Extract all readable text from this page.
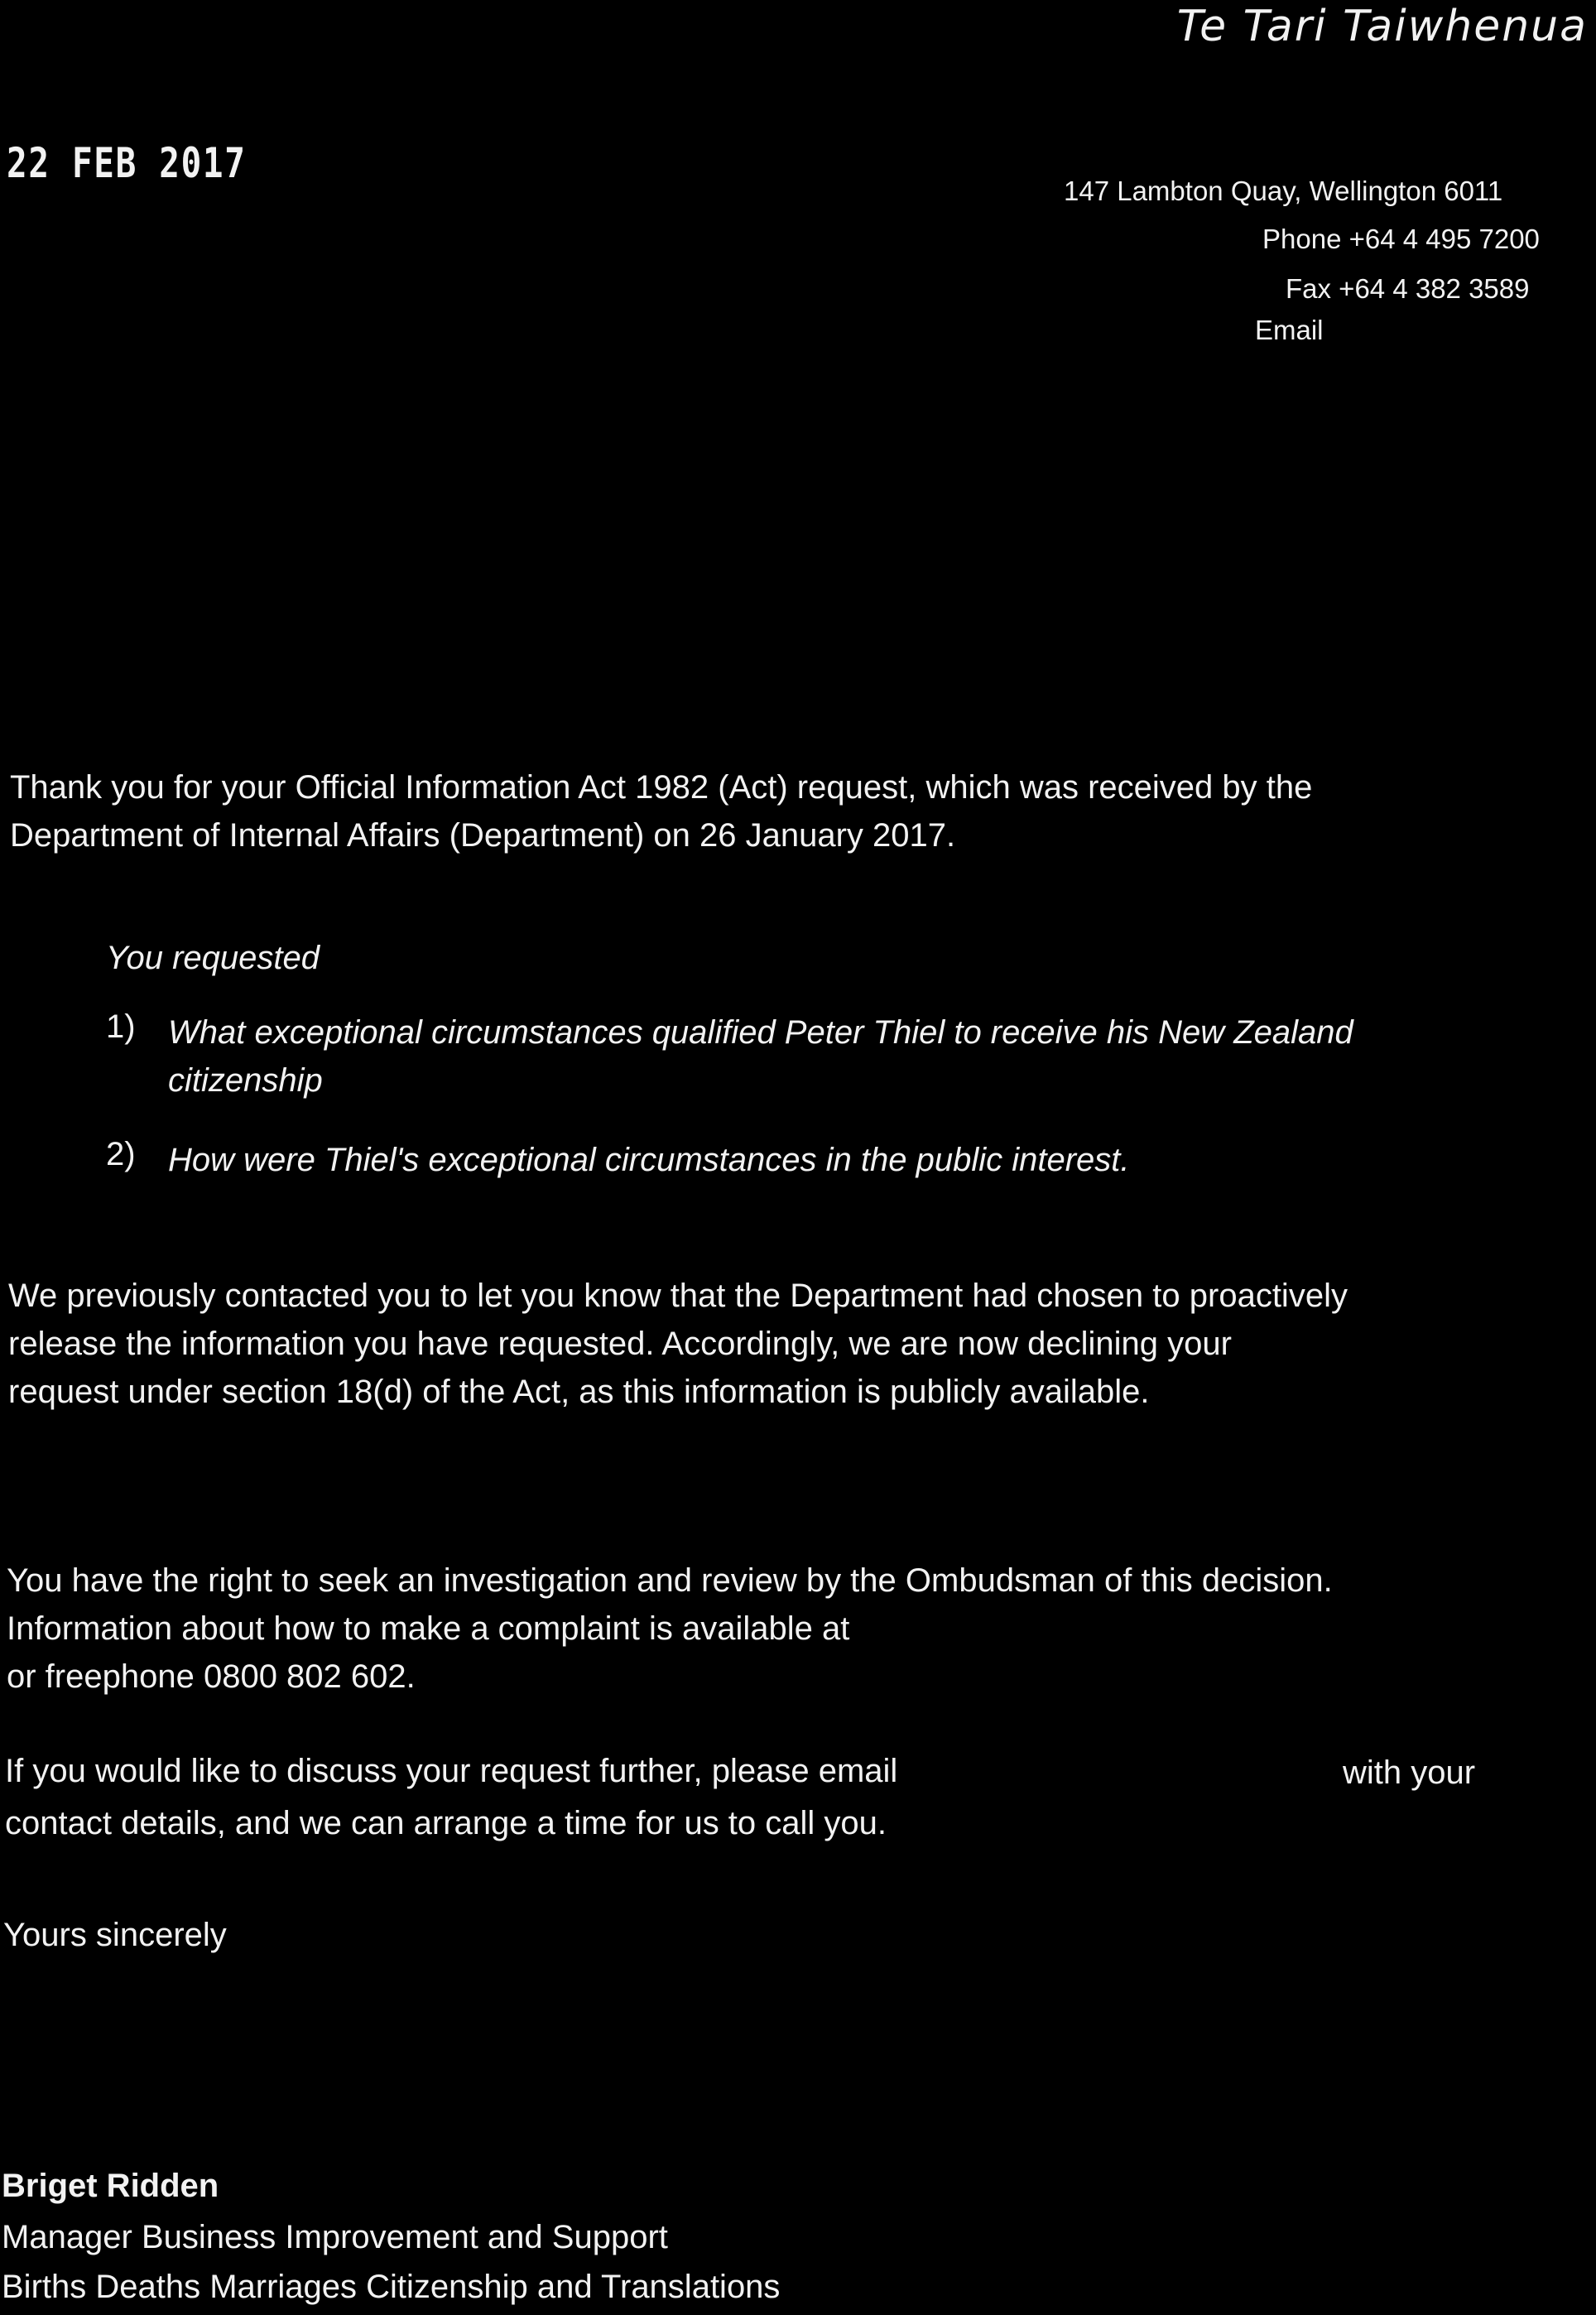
Te Tari Taiwhenua
22 FEB 2017
147 Lambton Quay, Wellington 6011
Phone +64 4 495 7200
Fax +64 4 382 3589
Email
Thank you for your Official Information Act 1982 (Act) request, which was received by the
Department of Internal Affairs (Department) on 26 January 2017.
You requested
1) What exceptional circumstances qualified Peter Thiel to receive his New Zealand
citizenship
2) How were Thiel's exceptional circumstances in the public interest.
We previously contacted you to let you know that the Department had chosen to proactively
release the information you have requested. Accordingly, we are now declining your
request under section 18(d) of the Act, as this information is publicly available.
You have the right to seek an investigation and review by the Ombudsman of this decision.
Information about how to make a complaint is available at
or freephone 0800 802 602.
If you would like to discuss your request further, please email	with your
contact details, and we can arrange a time for us to call you.
Yours sincerely
Briget Ridden
Manager Business Improvement and Support
Births Deaths Marriages Citizenship and Translations
